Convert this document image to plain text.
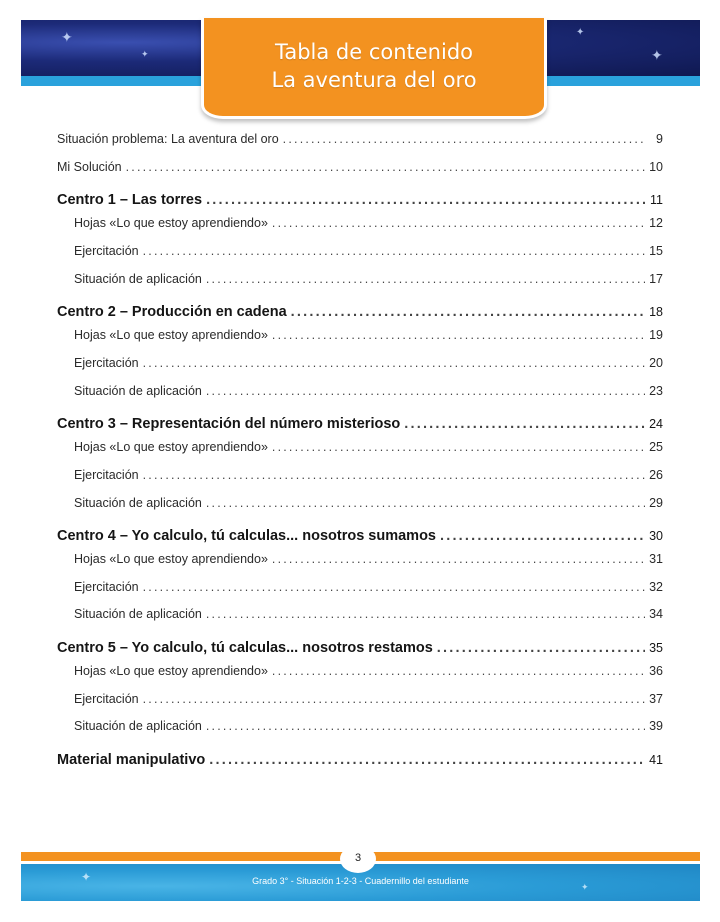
✦
✦
✦
✦
Tabla de contenido
La aventura del oro
Situación problema: La aventura del oro .....	9
Mi Solución .....	10
Centro 1 – Las torres .....	11
Hojas «Lo que estoy aprendiendo» .....	12
Ejercitación .....	15
Situación de aplicación .....	17
Centro 2 – Producción en cadena .....	18
Hojas «Lo que estoy aprendiendo» .....	19
Ejercitación .....	20
Situación de aplicación .....	23
Centro 3 – Representación del número misterioso .....	24
Hojas «Lo que estoy aprendiendo» .....	25
Ejercitación .....	26
Situación de aplicación .....	29
Centro 4 – Yo calculo, tú calculas... nosotros sumamos .....	30
Hojas «Lo que estoy aprendiendo» .....	31
Ejercitación .....	32
Situación de aplicación .....	34
Centro 5 – Yo calculo, tú calculas... nosotros restamos .....	35
Hojas «Lo que estoy aprendiendo» .....	36
Ejercitación .....	37
Situación de aplicación .....	39
Material manipulativo .....	41
✦
✦
Grado 3° - Situación 1-2-3 - Cuadernillo del estudiante
3
